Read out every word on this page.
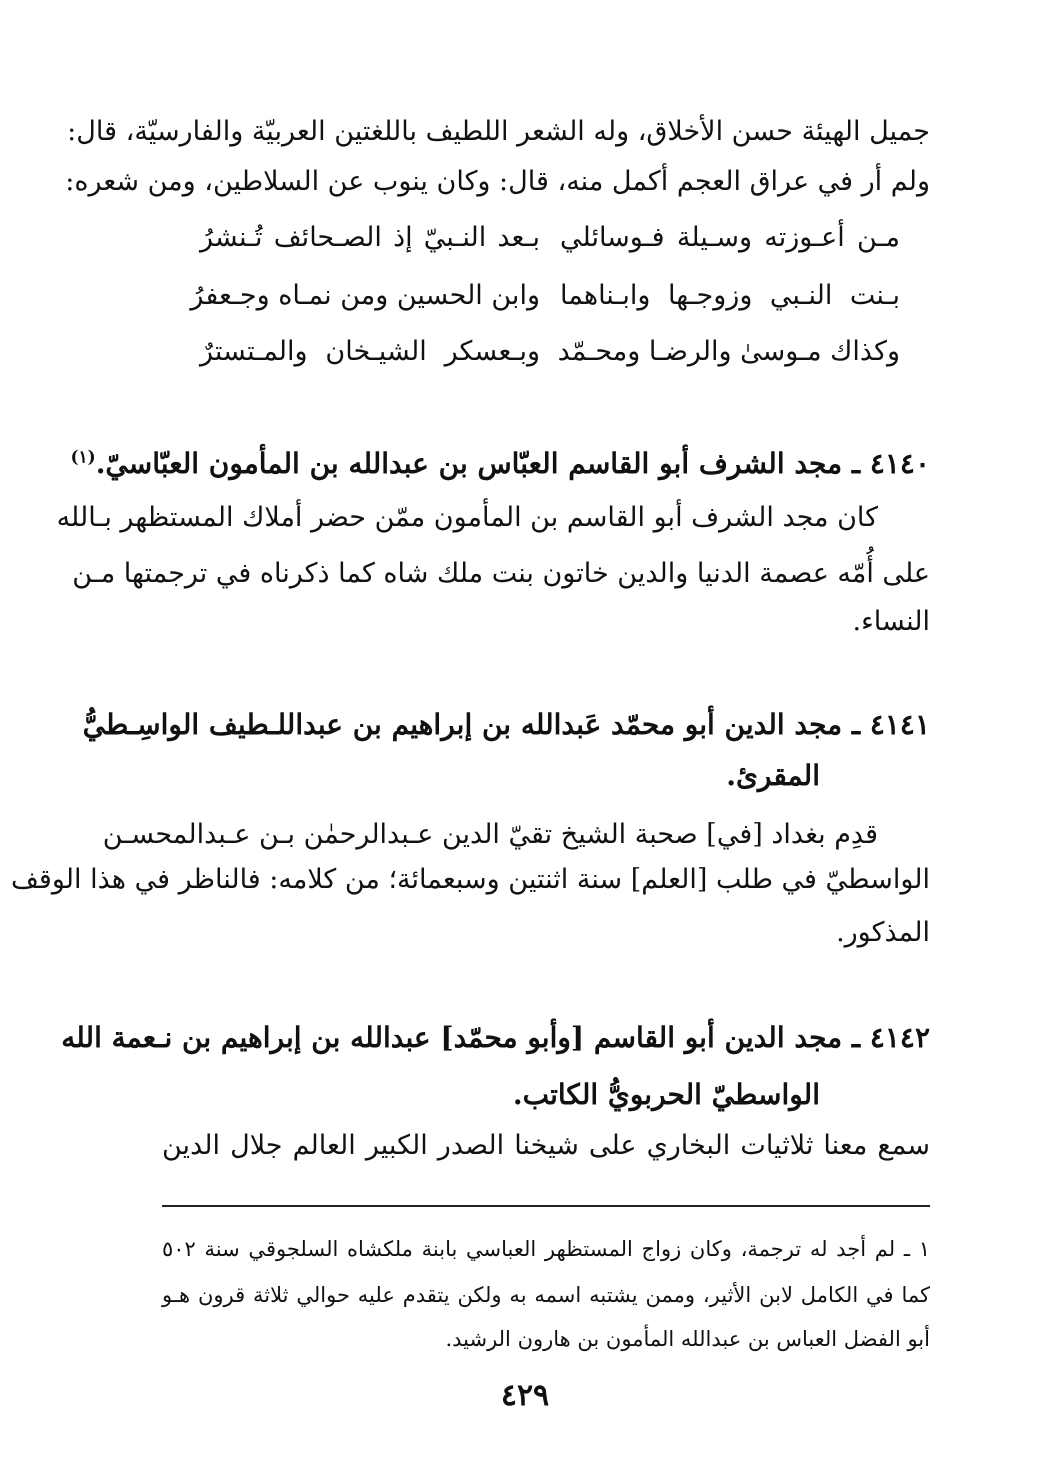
جميل الهيئة حسن الأخلاق، وله الشعر اللطيف باللغتين العربيّة والفارسيّة، قال:
ولم أر في عراق العجم أكمل منه، قال: وكان ينوب عن السلاطين، ومن شعره:
مـن أعـوزته وسـيلة فـوسائلي
بـعد النـبيّ إذ الصـحائف تُـنشرُ
بـنت النـبي وزوجـها وابـناهما
وابن الحسين ومن نمـاه وجـعفرُ
وكذاك مـوسىٰ والرضـا ومحـمّد
وبـعسكر الشيـخان والمـتسترٌ
٤١٤٠ ـ مجد الشرف أبو القاسم العبّاس بن عبدالله بن المأمون العبّاسيّ.$^{(١)}$
كان مجد الشرف أبو القاسم بن المأمون ممّن حضر أملاك المستظهر بـالله
على أُمّه عصمة الدنيا والدين خاتون بنت ملك شاه كما ذكرناه في ترجمتها مـن
النساء.
٤١٤١ ـ مجد الدين أبو محمّد عَبدالله بن إبراهيم بن عبداللـطيف الواسِـطيُّ
المقرئ.
قدِم بغداد [في] صحبة الشيخ تقيّ الدين عـبدالرحمٰن بـن عـبدالمحسـن
الواسطيّ في طلب [العلم] سنة اثنتين وسبعمائة؛ من كلامه: فالناظر في هذا الوقف
المذكور.
٤١٤٢ ـ مجد الدين أبو القاسم [وأبو محمّد] عبدالله بن إبراهيم بن نـعمة الله
الواسطيّ الحربويُّ الكاتب.
سمع معنا ثلاثيات البخاري على شيخنا الصدر الكبير العالم جلال الدين
١ ـ لم أجد له ترجمة، وكان زواج المستظهر العباسي بابنة ملكشاه السلجوقي سنة ٥٠٢
كما في الكامل لابن الأثير، وممن يشتبه اسمه به ولكن يتقدم عليه حوالي ثلاثة قرون هـو
أبو الفضل العباس بن عبدالله المأمون بن هارون الرشيد.
٤٢٩
